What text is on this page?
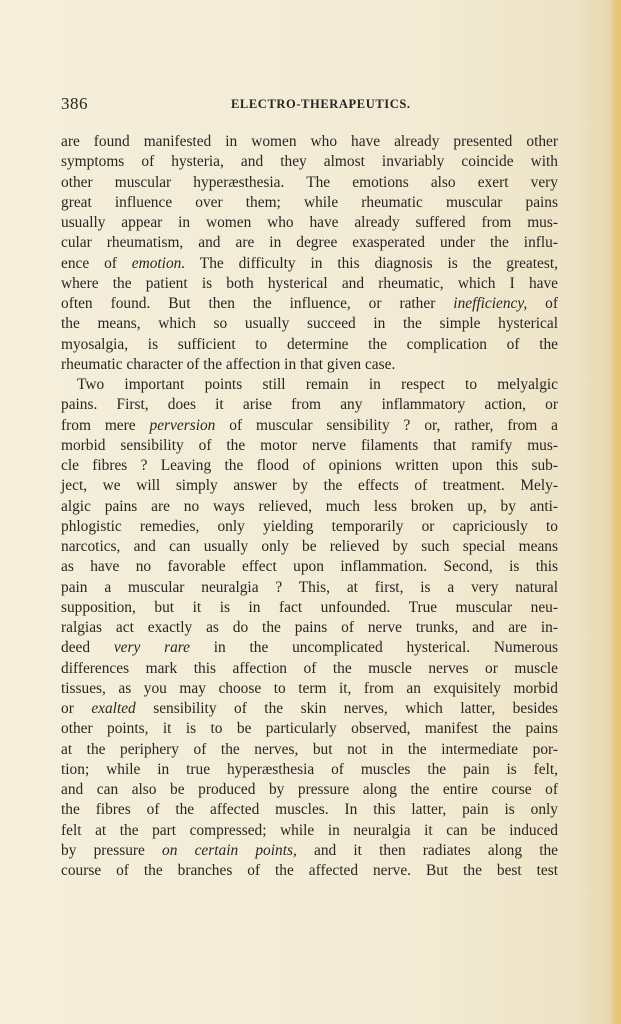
386	ELECTRO-THERAPEUTICS.
are found manifested in women who have already presented other
symptoms of hysteria, and they almost invariably coincide with
other muscular hyperæsthesia. The emotions also exert very
great influence over them; while rheumatic muscular pains
usually appear in women who have already suffered from mus-
cular rheumatism, and are in degree exasperated under the influ-
ence of emotion. The difficulty in this diagnosis is the greatest,
where the patient is both hysterical and rheumatic, which I have
often found. But then the influence, or rather inefficiency, of
the means, which so usually succeed in the simple hysterical
myosalgia, is sufficient to determine the complication of the
rheumatic character of the affection in that given case.
Two important points still remain in respect to melyalgic
pains. First, does it arise from any inflammatory action, or
from mere perversion of muscular sensibility ? or, rather, from a
morbid sensibility of the motor nerve filaments that ramify mus-
cle fibres ? Leaving the flood of opinions written upon this sub-
ject, we will simply answer by the effects of treatment. Mely-
algic pains are no ways relieved, much less broken up, by anti-
phlogistic remedies, only yielding temporarily or capriciously to
narcotics, and can usually only be relieved by such special means
as have no favorable effect upon inflammation. Second, is this
pain a muscular neuralgia ? This, at first, is a very natural
supposition, but it is in fact unfounded. True muscular neu-
ralgias act exactly as do the pains of nerve trunks, and are in-
deed very rare in the uncomplicated hysterical. Numerous
differences mark this affection of the muscle nerves or muscle
tissues, as you may choose to term it, from an exquisitely morbid
or exalted sensibility of the skin nerves, which latter, besides
other points, it is to be particularly observed, manifest the pains
at the periphery of the nerves, but not in the intermediate por-
tion; while in true hyperæsthesia of muscles the pain is felt,
and can also be produced by pressure along the entire course of
the fibres of the affected muscles. In this latter, pain is only
felt at the part compressed; while in neuralgia it can be induced
by pressure on certain points, and it then radiates along the
course of the branches of the affected nerve. But the best test
